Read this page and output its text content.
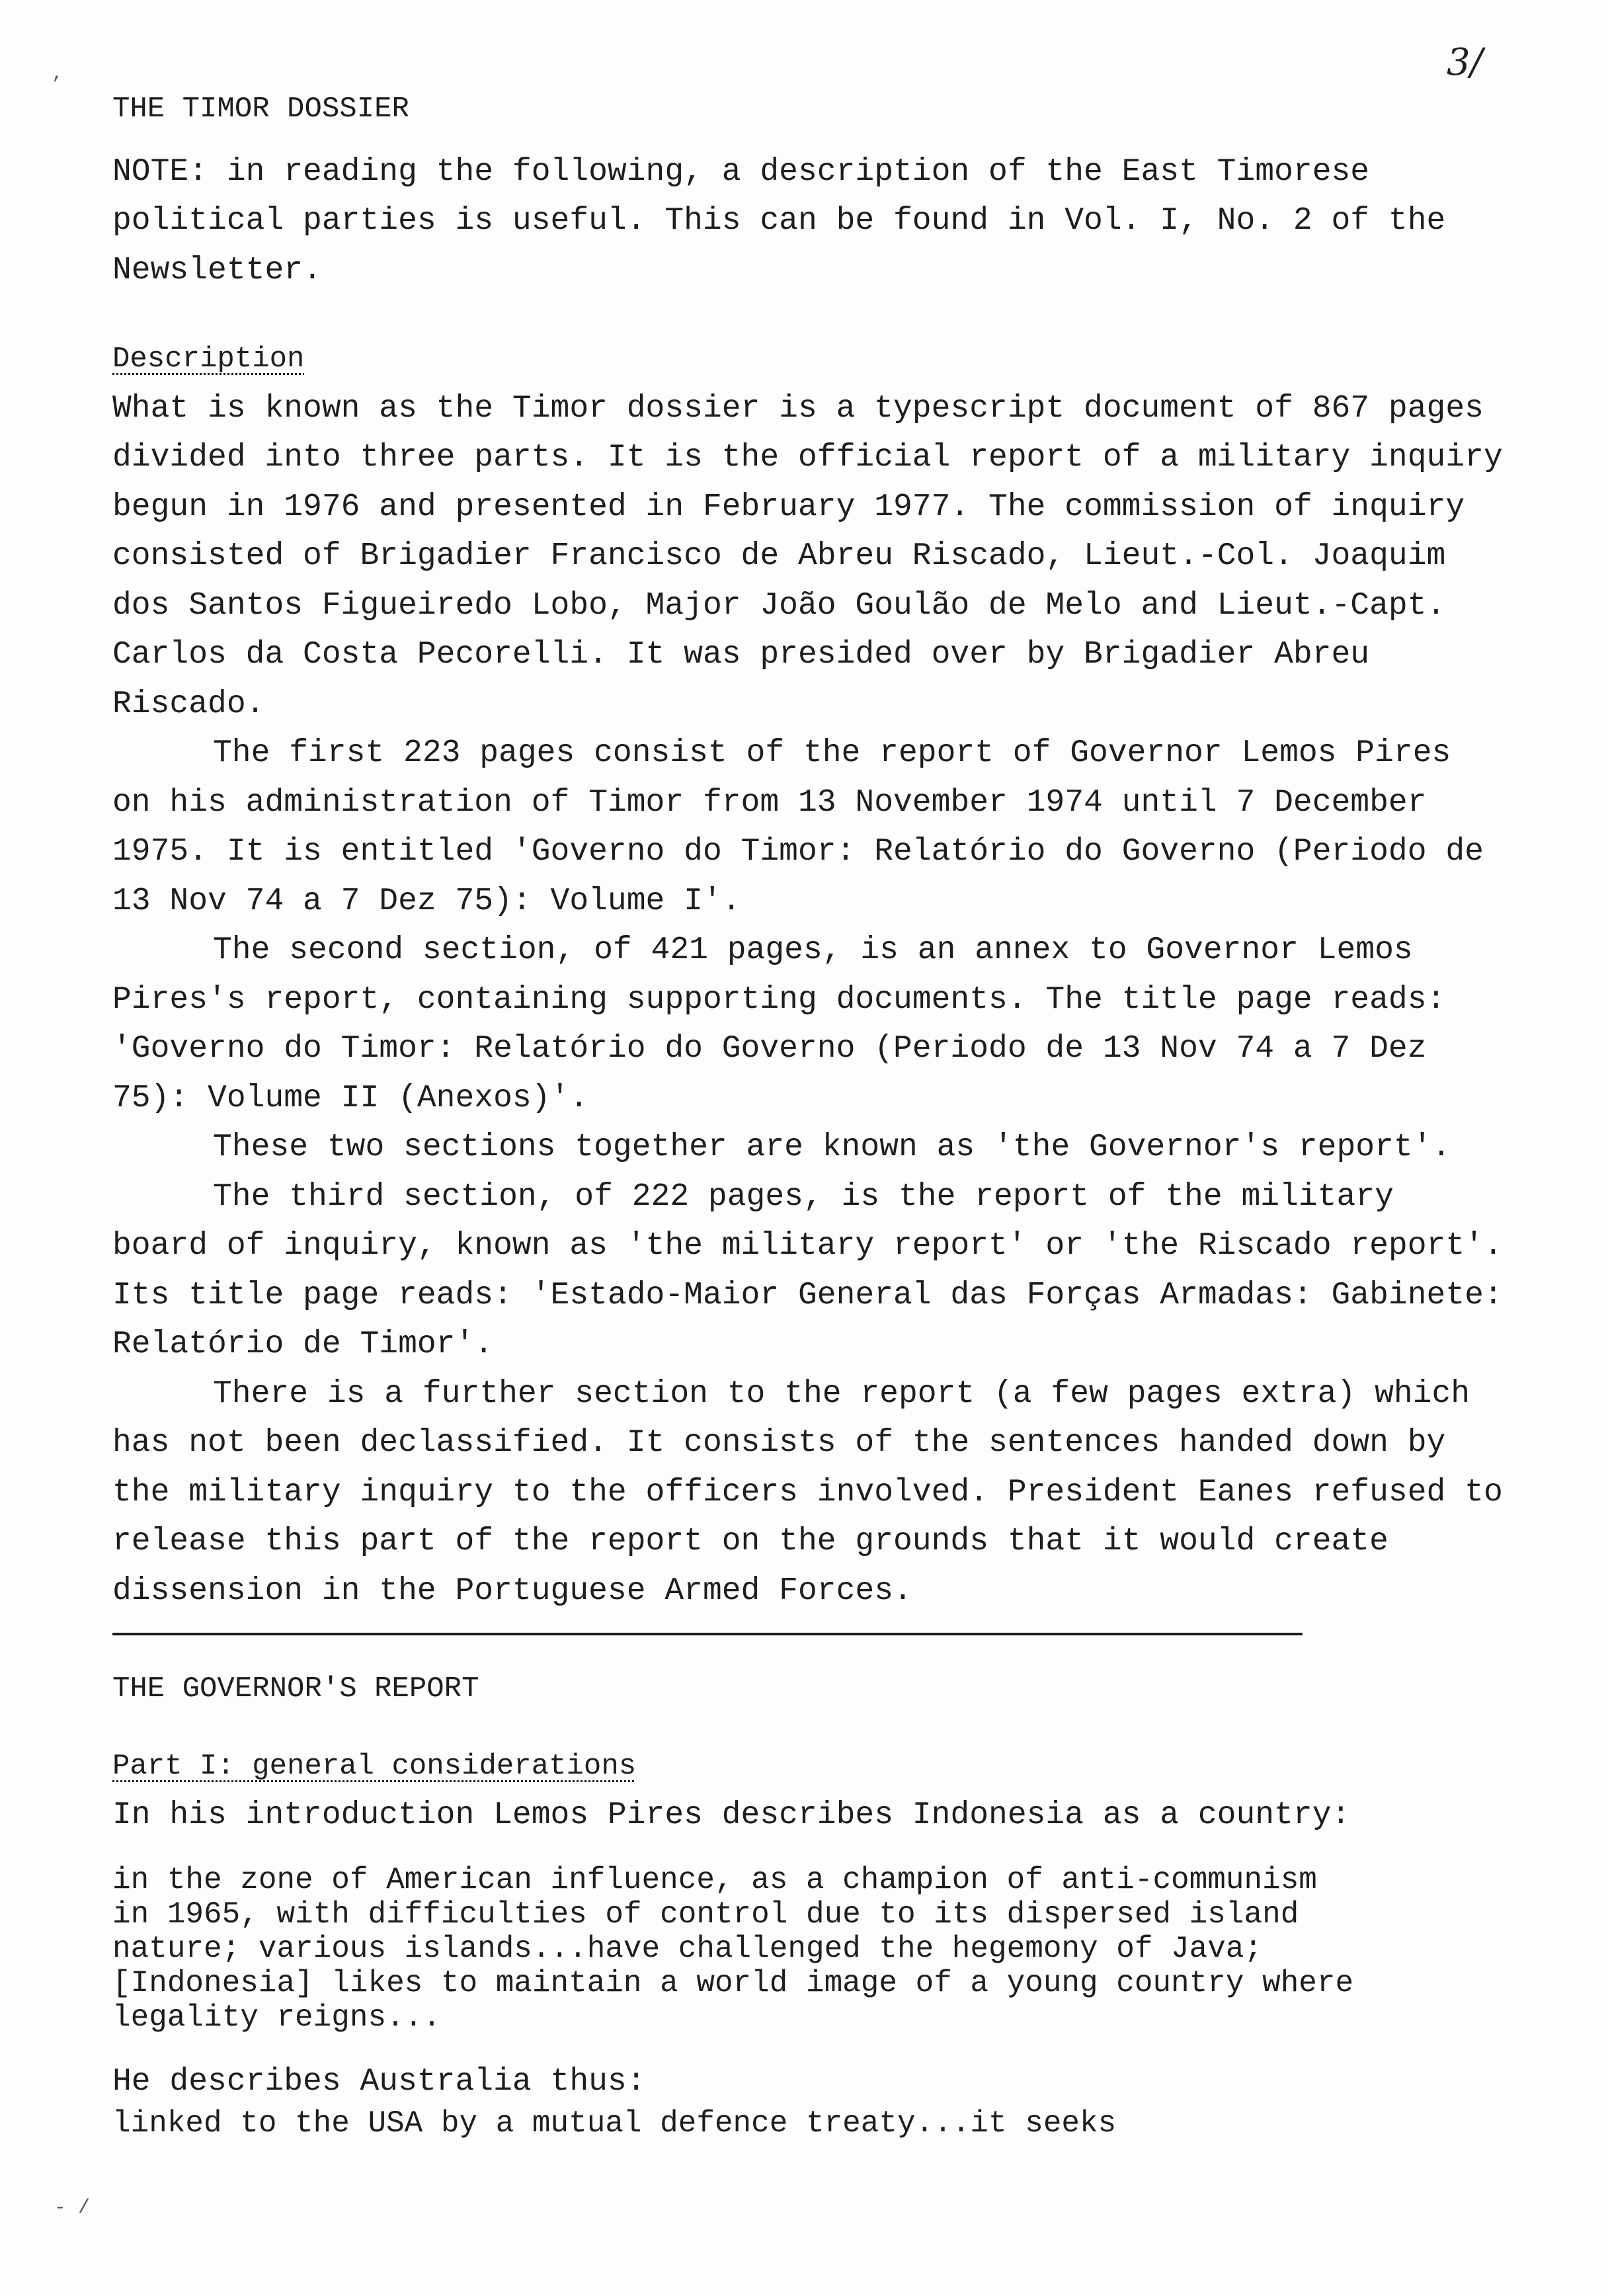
3/
’
- /

THE TIMOR DOSSIER

NOTE: in reading the following, a description of the East Timorese political parties is useful. This can be found in Vol. I, No. 2 of the Newsletter.

Description

What is known as the Timor dossier is a typescript document of 867 pages divided into three parts. It is the official report of a military inquiry begun in 1976 and presented in February 1977. The commission of inquiry consisted of Brigadier Francisco de Abreu Riscado, Lieut.-Col. Joaquim dos Santos Figueiredo Lobo, Major João Goulão de Melo and Lieut.-Capt. Carlos da Costa Pecorelli. It was presided over by Brigadier Abreu Riscado.

The first 223 pages consist of the report of Governor Lemos Pires on his administration of Timor from 13 November 1974 until 7 December 1975. It is entitled 'Governo do Timor: Relatório do Governo (Periodo de 13 Nov 74 a 7 Dez 75): Volume I'.

The second section, of 421 pages, is an annex to Governor Lemos Pires's report, containing supporting documents. The title page reads: 'Governo do Timor: Relatório do Governo (Periodo de 13 Nov 74 a 7 Dez 75): Volume II (Anexos)'.

These two sections together are known as 'the Governor's report'.

The third section, of 222 pages, is the report of the military board of inquiry, known as 'the military report' or 'the Riscado report'. Its title page reads: 'Estado-Maior General das Forças Armadas: Gabinete: Relatório de Timor'.

There is a further section to the report (a few pages extra) which has not been declassified. It consists of the sentences handed down by the military inquiry to the officers involved. President Eanes refused to release this part of the report on the grounds that it would create dissension in the Portuguese Armed Forces.

THE GOVERNOR'S REPORT

Part I: general considerations

In his introduction Lemos Pires describes Indonesia as a country:

in the zone of American influence, as a champion of anti-communism in 1965, with difficulties of control due to its dispersed island nature; various islands...have challenged the hegemony of Java; [Indonesia] likes to maintain a world image of a young country where legality reigns...

He describes Australia thus:

linked to the USA by a mutual defence treaty...it seeks
